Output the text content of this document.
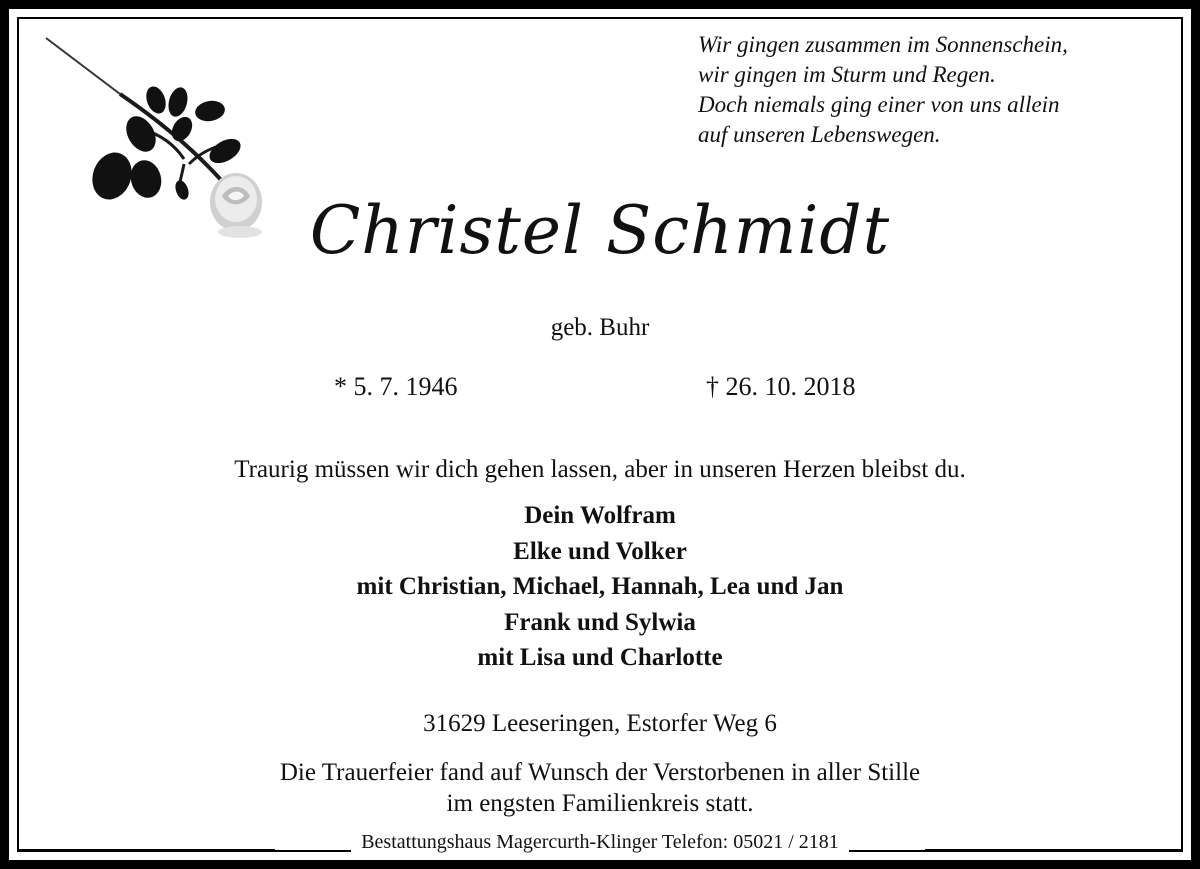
Wir gingen zusammen im Sonnenschein,
wir gingen im Sturm und Regen.
Doch niemals ging einer von uns allein
auf unseren Lebenswegen.
Christel Schmidt
geb. Buhr
* 5. 7. 1946	† 26. 10. 2018
Traurig müssen wir dich gehen lassen, aber in unseren Herzen bleibst du.
Dein Wolfram
Elke und Volker
mit Christian, Michael, Hannah, Lea und Jan
Frank und Sylwia
mit Lisa und Charlotte
31629 Leeseringen, Estorfer Weg 6
Die Trauerfeier fand auf Wunsch der Verstorbenen in aller Stille
im engsten Familienkreis statt.
Bestattungshaus Magercurth-Klinger Telefon: 05021 / 2181
